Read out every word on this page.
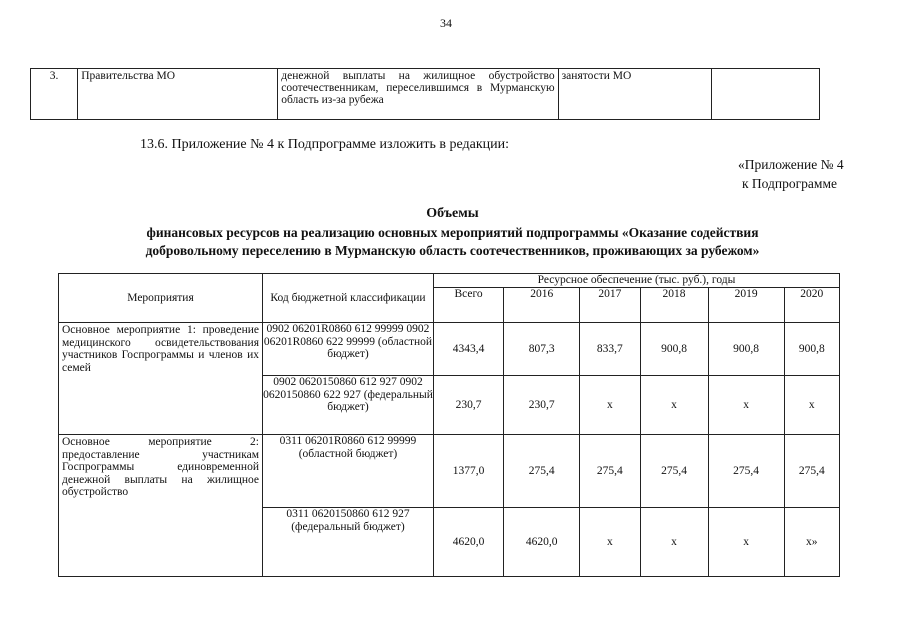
34
3.	Правительства МО	денежной выплаты на жилищное обустройство соотечественникам, переселившимся в Мурманскую область из-за рубежа	занятости МО	
13.6. Приложение № 4 к Подпрограмме изложить в редакции:
«Приложение № 4
к Подпрограмме
Объемы
финансовых ресурсов на реализацию основных мероприятий подпрограммы «Оказание содействия
добровольному переселению в Мурманскую область соотечественников, проживающих за рубежом»
Мероприятия	Код бюджетной классификации	Ресурсное обеспечение (тыс. руб.), годы					
		Всего	2016	2017	2018	2019	2020
Основное мероприятие 1: проведение медицинского освидетельствования участников Госпрограммы и членов их семей	0902 06201R0860 612 99999 0902 06201R0860 622 99999 (областной бюджет)	4343,4	807,3	833,7	900,8	900,8	900,8
	0902 0620150860 612 927 0902 0620150860 622 927 (федеральный бюджет)	230,7	230,7	х	х	х	х
Основное мероприятие 2: предоставление участникам Госпрограммы единовременной денежной выплаты на жилищное обустройство	0311 06201R0860 612 99999 (областной бюджет)	1377,0	275,4	275,4	275,4	275,4	275,4
	0311 0620150860 612 927 (федеральный бюджет)	4620,0	4620,0	х	х	х	х»
